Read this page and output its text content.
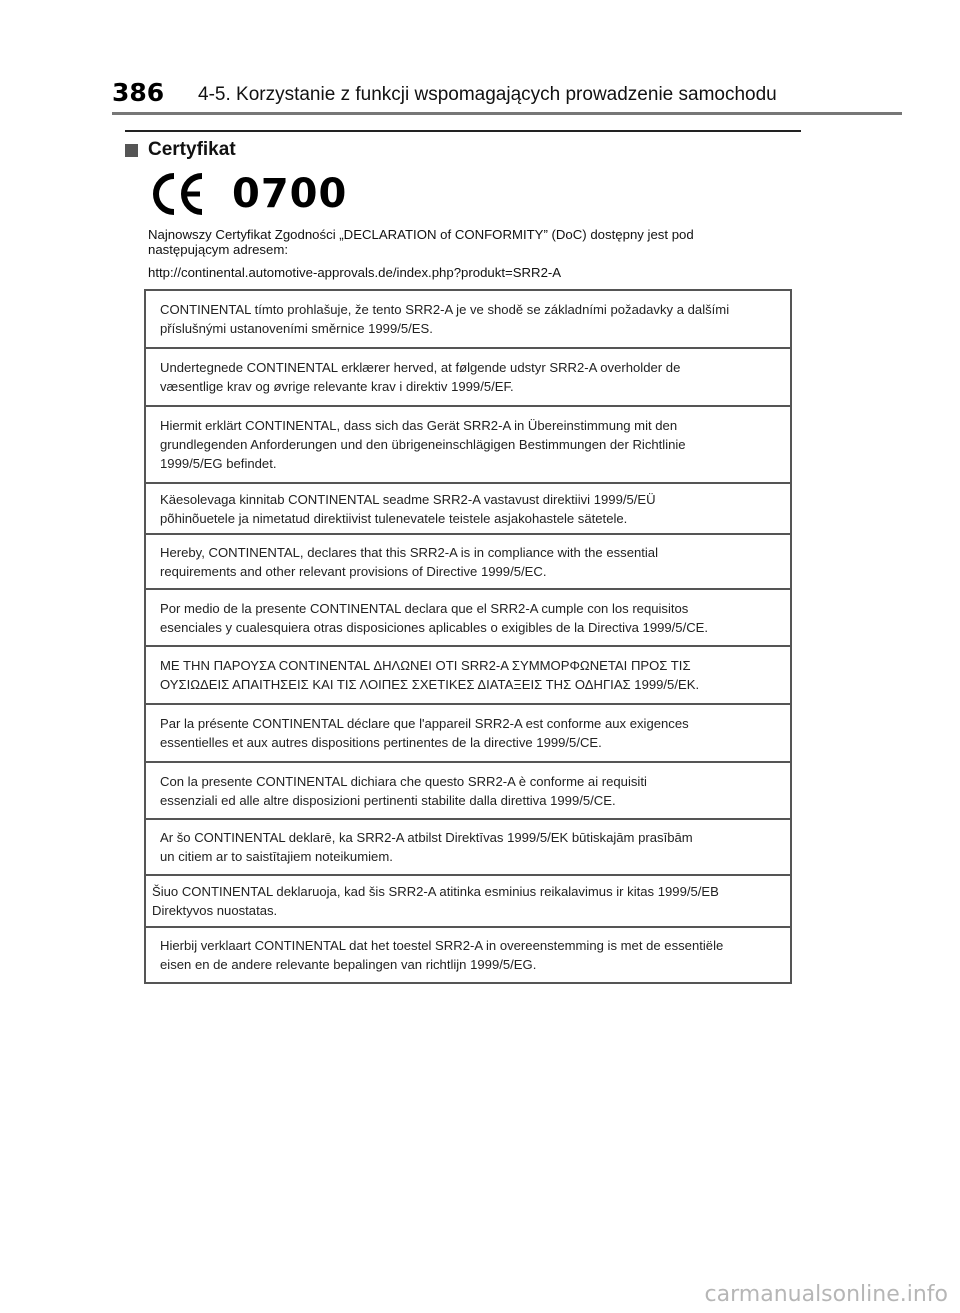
386 4-5. Korzystanie z funkcji wspomagających prowadzenie samochodu
Certyfikat
0700
Najnowszy Certyfikat Zgodności „DECLARATION of CONFORMITY” (DoC) dostępny jest pod następującym adresem:
http://continental.automotive-approvals.de/index.php?produkt=SRR2-A
CONTINENTAL tímto prohlašuje, že tento SRR2-A je ve shodě se základními požadavky a dalšími
příslušnými ustanoveními směrnice 1999/5/ES.
Undertegnede CONTINENTAL erklærer herved, at følgende udstyr SRR2-A overholder de
væsentlige krav og øvrige relevante krav i direktiv 1999/5/EF.
Hiermit erklärt CONTINENTAL, dass sich das Gerät SRR2-A in Übereinstimmung mit den
grundlegenden Anforderungen und den übrigeneinschlägigen Bestimmungen der Richtlinie
1999/5/EG befindet.
Käesolevaga kinnitab CONTINENTAL seadme SRR2-A vastavust direktiivi 1999/5/EÜ
põhinõuetele ja nimetatud direktiivist tulenevatele teistele asjakohastele sätetele.
Hereby, CONTINENTAL, declares that this SRR2-A is in compliance with the essential
requirements and other relevant provisions of Directive 1999/5/EC.
Por medio de la presente CONTINENTAL declara que el SRR2-A cumple con los requisitos
esenciales y cualesquiera otras disposiciones aplicables o exigibles de la Directiva 1999/5/CE.
ΜΕ ΤΗΝ ΠΑΡΟΥΣΑ CONTINENTAL ΔΗΛΩΝΕΙ ΟΤΙ SRR2-A ΣΥΜΜΟΡΦΩΝΕΤΑΙ ΠΡΟΣ ΤΙΣ
ΟΥΣΙΩΔΕΙΣ ΑΠΑΙΤΗΣΕΙΣ ΚΑΙ ΤΙΣ ΛΟΙΠΕΣ ΣΧΕΤΙΚΕΣ ΔΙΑΤΑΞΕΙΣ ΤΗΣ ΟΔΗΓΙΑΣ 1999/5/ΕΚ.
Par la présente CONTINENTAL déclare que l'appareil SRR2-A est conforme aux exigences
essentielles et aux autres dispositions pertinentes de la directive 1999/5/CE.
Con la presente CONTINENTAL dichiara che questo SRR2-A è conforme ai requisiti
essenziali ed alle altre disposizioni pertinenti stabilite dalla direttiva 1999/5/CE.
Ar šo CONTINENTAL deklarē, ka SRR2-A atbilst Direktīvas 1999/5/EK būtiskajām prasībām
un citiem ar to saistītajiem noteikumiem.
Šiuo CONTINENTAL deklaruoja, kad šis SRR2-A atitinka esminius reikalavimus ir kitas 1999/5/EB
Direktyvos nuostatas.
Hierbij verklaart CONTINENTAL dat het toestel SRR2-A in overeenstemming is met de essentiële
eisen en de andere relevante bepalingen van richtlijn 1999/5/EG.
carmanualsonline.info
